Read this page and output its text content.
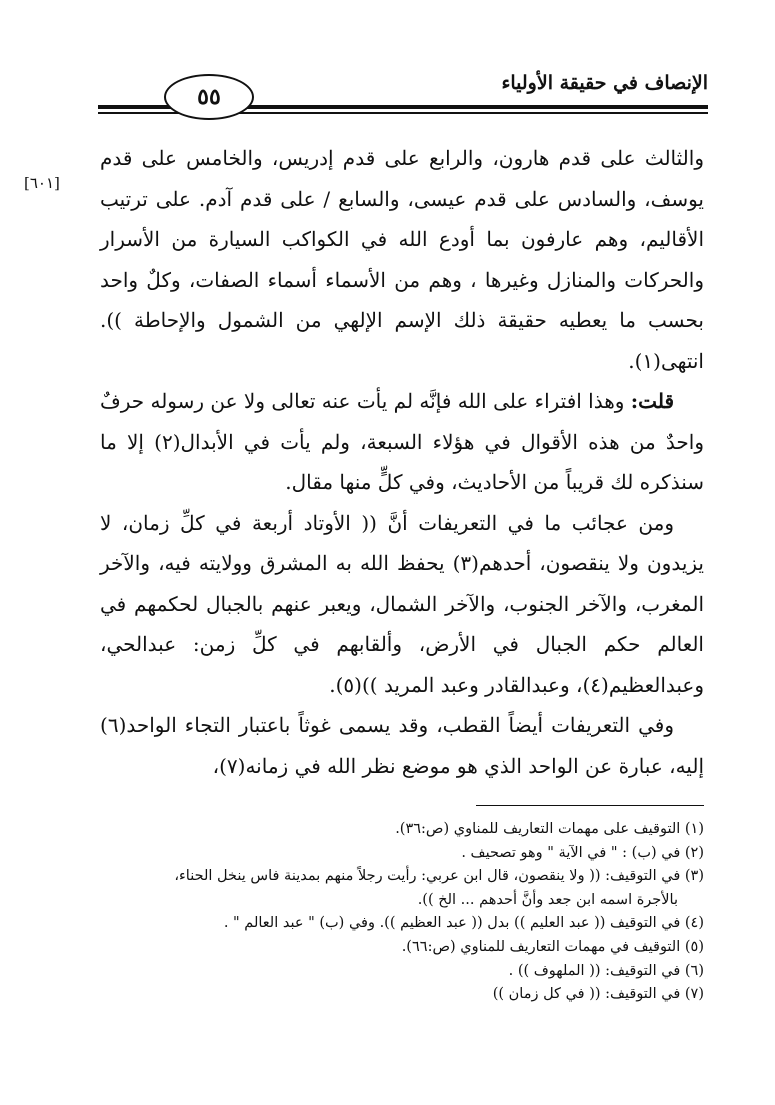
الإنصاف في حقيقة الأولياء
٥٥
[٦٠١]

والثالث على قدم هارون، والرابع على قدم إدريس، والخامس على قدم يوسف، والسادس على قدم عيسى، والسابع / على قدم آدم. على ترتيب الأقاليم، وهم عارفون بما أودع الله في الكواكب السيارة من الأسرار والحركات والمنازل وغيرها ، وهم من الأسماء أسماء الصفات، وكلٌ واحد بحسب ما يعطيه حقيقة ذلك الإسم الإلهي من الشمول والإحاطة )). انتهى(١).

قلت: وهذا افتراء على الله فإنَّه لم يأت عنه تعالى ولا عن رسوله حرفٌ واحدٌ من هذه الأقوال في هؤلاء السبعة، ولم يأت في الأبدال(٢) إلا ما سنذكره لك قريباً من الأحاديث، وفي كلٍّ منها مقال.

ومن عجائب ما في التعريفات أنَّ (( الأوتاد أربعة في كلِّ زمان، لا يزيدون ولا ينقصون، أحدهم(٣) يحفظ الله به المشرق وولايته فيه، والآخر المغرب، والآخر الجنوب، والآخر الشمال، ويعبر عنهم بالجبال لحكمهم في العالم حكم الجبال في الأرض، وألقابهم في كلِّ زمن: عبدالحي، وعبدالعظيم(٤)، وعبدالقادر وعبد المريد ))(٥).

وفي التعريفات أيضاً القطب، وقد يسمى غوثاً باعتبار التجاء الواحد(٦) إليه، عبارة عن الواحد الذي هو موضع نظر الله في زمانه(٧)،

(١) التوقيف على مهمات التعاريف للمناوي (ص:٣٦).

(٢) في (ب) : " في الآية " وهو تصحيف .

(٣) في التوقيف: (( ولا ينقصون، قال ابن عربي: رأيت رجلاً منهم بمدينة فاس ينخل الحناء،

بالأجرة اسمه ابن جعد وأنَّ أحدهم ... الخ )).

(٤) في التوقيف (( عبد العليم )) بدل (( عبد العظيم )). وفي (ب) " عبد العالم " .

(٥) التوقيف في مهمات التعاريف للمناوي (ص:٦٦).

(٦) في التوقيف: (( الملهوف )) .

(٧) في التوقيف: (( في كل زمان ))
